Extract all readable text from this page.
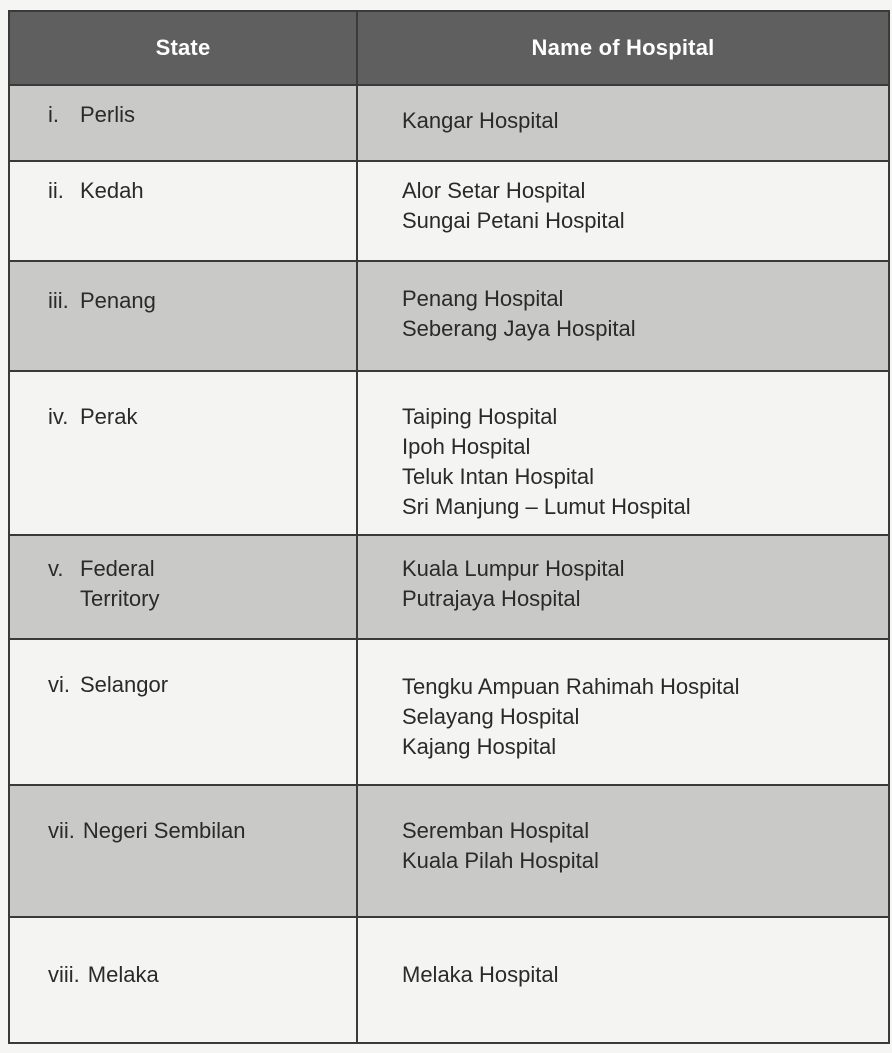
State	Name of Hospital
i. Perlis	Kangar Hospital

ii. Kedah	Alor Setar Hospital
Sungai Petani Hospital

iii. Penang	Penang Hospital
Seberang Jaya Hospital

iv. Perak	Taiping Hospital
Ipoh Hospital
Teluk Intan Hospital
Sri Manjung – Lumut Hospital

v. Federal
Territory	Kuala Lumpur Hospital
Putrajaya Hospital

vi. Selangor	Tengku Ampuan Rahimah Hospital
Selayang Hospital
Kajang Hospital

vii. Negeri Sembilan	Seremban Hospital
Kuala Pilah Hospital

viii. Melaka	Melaka Hospital
